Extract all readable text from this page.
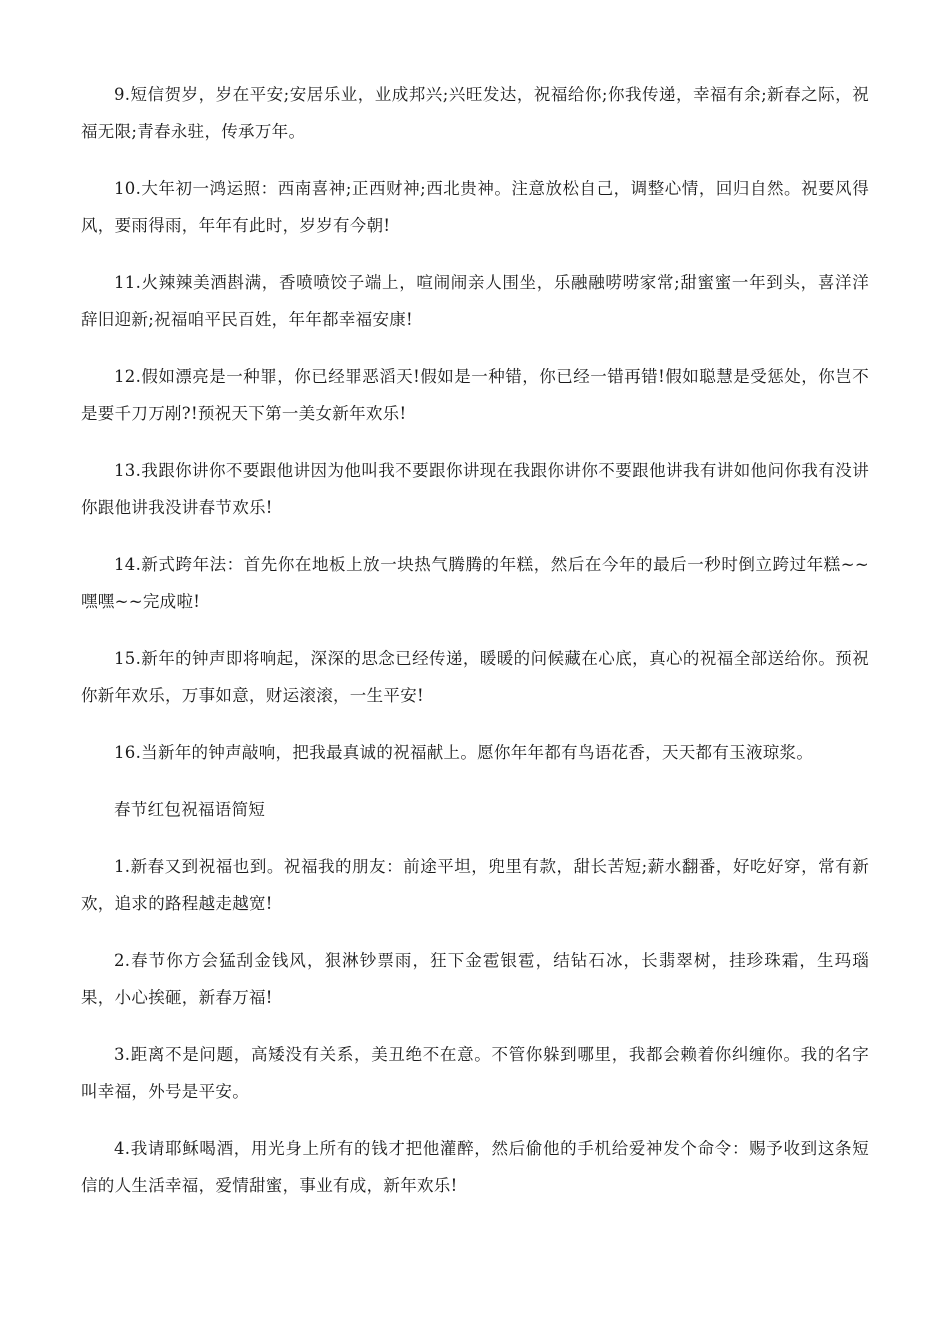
9.短信贺岁，岁在平安;安居乐业，业成邦兴;兴旺发达，祝福给你;你我传递，幸福有余;新春之际，祝福无限;青春永驻，传承万年。

10.大年初一鸿运照：西南喜神;正西财神;西北贵神。注意放松自己，调整心情，回归自然。祝要风得风，要雨得雨，年年有此时，岁岁有今朝!

11.火辣辣美酒斟满，香喷喷饺子端上，喧闹闹亲人围坐，乐融融唠唠家常;甜蜜蜜一年到头，喜洋洋辞旧迎新;祝福咱平民百姓，年年都幸福安康!

12.假如漂亮是一种罪，你已经罪恶滔天!假如是一种错，你已经一错再错!假如聪慧是受惩处，你岂不是要千刀万剐?!预祝天下第一美女新年欢乐!

13.我跟你讲你不要跟他讲因为他叫我不要跟你讲现在我跟你讲你不要跟他讲我有讲如他问你我有没讲你跟他讲我没讲春节欢乐!

14.新式跨年法：首先你在地板上放一块热气腾腾的年糕，然后在今年的最后一秒时倒立跨过年糕~~嘿嘿~~完成啦!

15.新年的钟声即将响起，深深的思念已经传递，暖暖的问候藏在心底，真心的祝福全部送给你。预祝你新年欢乐，万事如意，财运滚滚，一生平安!

16.当新年的钟声敲响，把我最真诚的祝福献上。愿你年年都有鸟语花香，天天都有玉液琼浆。

春节红包祝福语简短

1.新春又到祝福也到。祝福我的朋友：前途平坦，兜里有款，甜长苦短;薪水翻番，好吃好穿，常有新欢，追求的路程越走越宽!

2.春节你方会猛刮金钱风，狠淋钞票雨，狂下金雹银雹，结钻石冰，长翡翠树，挂珍珠霜，生玛瑙果，小心挨砸，新春万福!

3.距离不是问题，高矮没有关系，美丑绝不在意。不管你躲到哪里，我都会赖着你纠缠你。我的名字叫幸福，外号是平安。

4.我请耶稣喝酒，用光身上所有的钱才把他灌醉，然后偷他的手机给爱神发个命令：赐予收到这条短信的人生活幸福，爱情甜蜜，事业有成，新年欢乐!
